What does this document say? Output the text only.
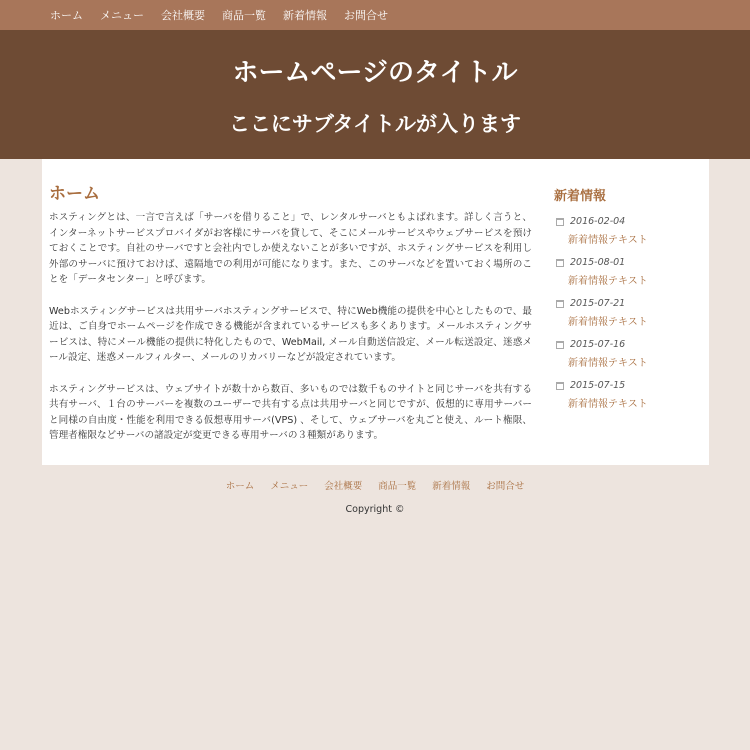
ホーム メニュー 会社概要 商品一覧 新着情報 お問合せ
ホームページのタイトル
ここにサブタイトルが入ります
ホーム

ホスティングとは、一言で言えば「サーバを借りること」で、レンタルサーバともよばれます。詳しく言うと、インターネットサービスプロバイダがお客様にサーバを貸して、そこにメールサービスやウェブサービスを預けておくことです。自社のサーバですと会社内でしか使えないことが多いですが、ホスティングサービスを利用し外部のサーバに預けておけば、遠隔地での利用が可能になります。また、このサーバなどを置いておく場所のことを「データセンター」と呼びます。

Webホスティングサービスは共用サーバホスティングサービスで、特にWeb機能の提供を中心としたもので、最近は、ご自身でホームページを作成できる機能が含まれているサービスも多くあります。メールホスティングサービスは、特にメール機能の提供に特化したもので、WebMail, メール自動送信設定、メール転送設定、迷惑メール設定、迷惑メールフィルター、メールのリカバリーなどが設定されています。

ホスティングサービスは、ウェブサイトが数十から数百、多いものでは数千ものサイトと同じサーバを共有する共有サーバ、１台のサーバーを複数のユーザーで共有する点は共用サーバと同じですが、仮想的に専用サーバーと同様の自由度・性能を利用できる仮想専用サーバ(VPS) 、そして、ウェブサーバを丸ごと使え、ルート権限、管理者権限などサーバの諸設定が変更できる専用サーバの３種類があります。

新着情報
2016-02-04
新着情報テキスト
2015-08-01
新着情報テキスト
2015-07-21
新着情報テキスト
2015-07-16
新着情報テキスト
2015-07-15
新着情報テキスト
ホーム メニュー 会社概要 商品一覧 新着情報 お問合せ
Copyright ©
